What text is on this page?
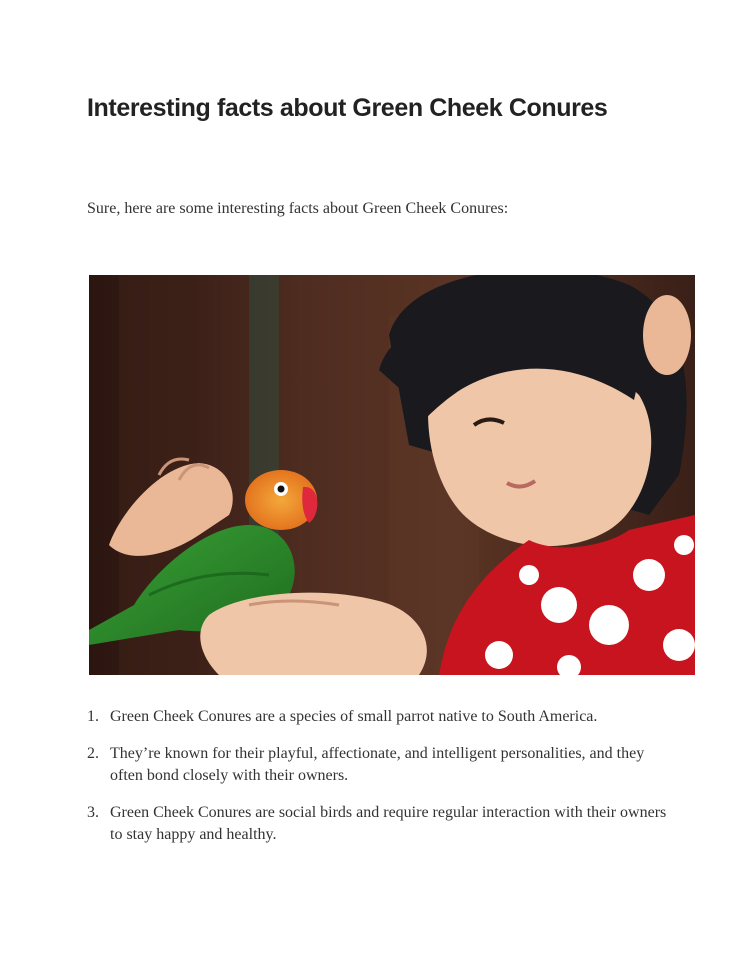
Interesting facts about Green Cheek Conures

Sure, here are some interesting facts about Green Cheek Conures:

1. Green Cheek Conures are a species of small parrot native to South America.
2. They’re known for their playful, affectionate, and intelligent personalities, and they often bond closely with their owners.
3. Green Cheek Conures are social birds and require regular interaction with their owners to stay happy and healthy.
